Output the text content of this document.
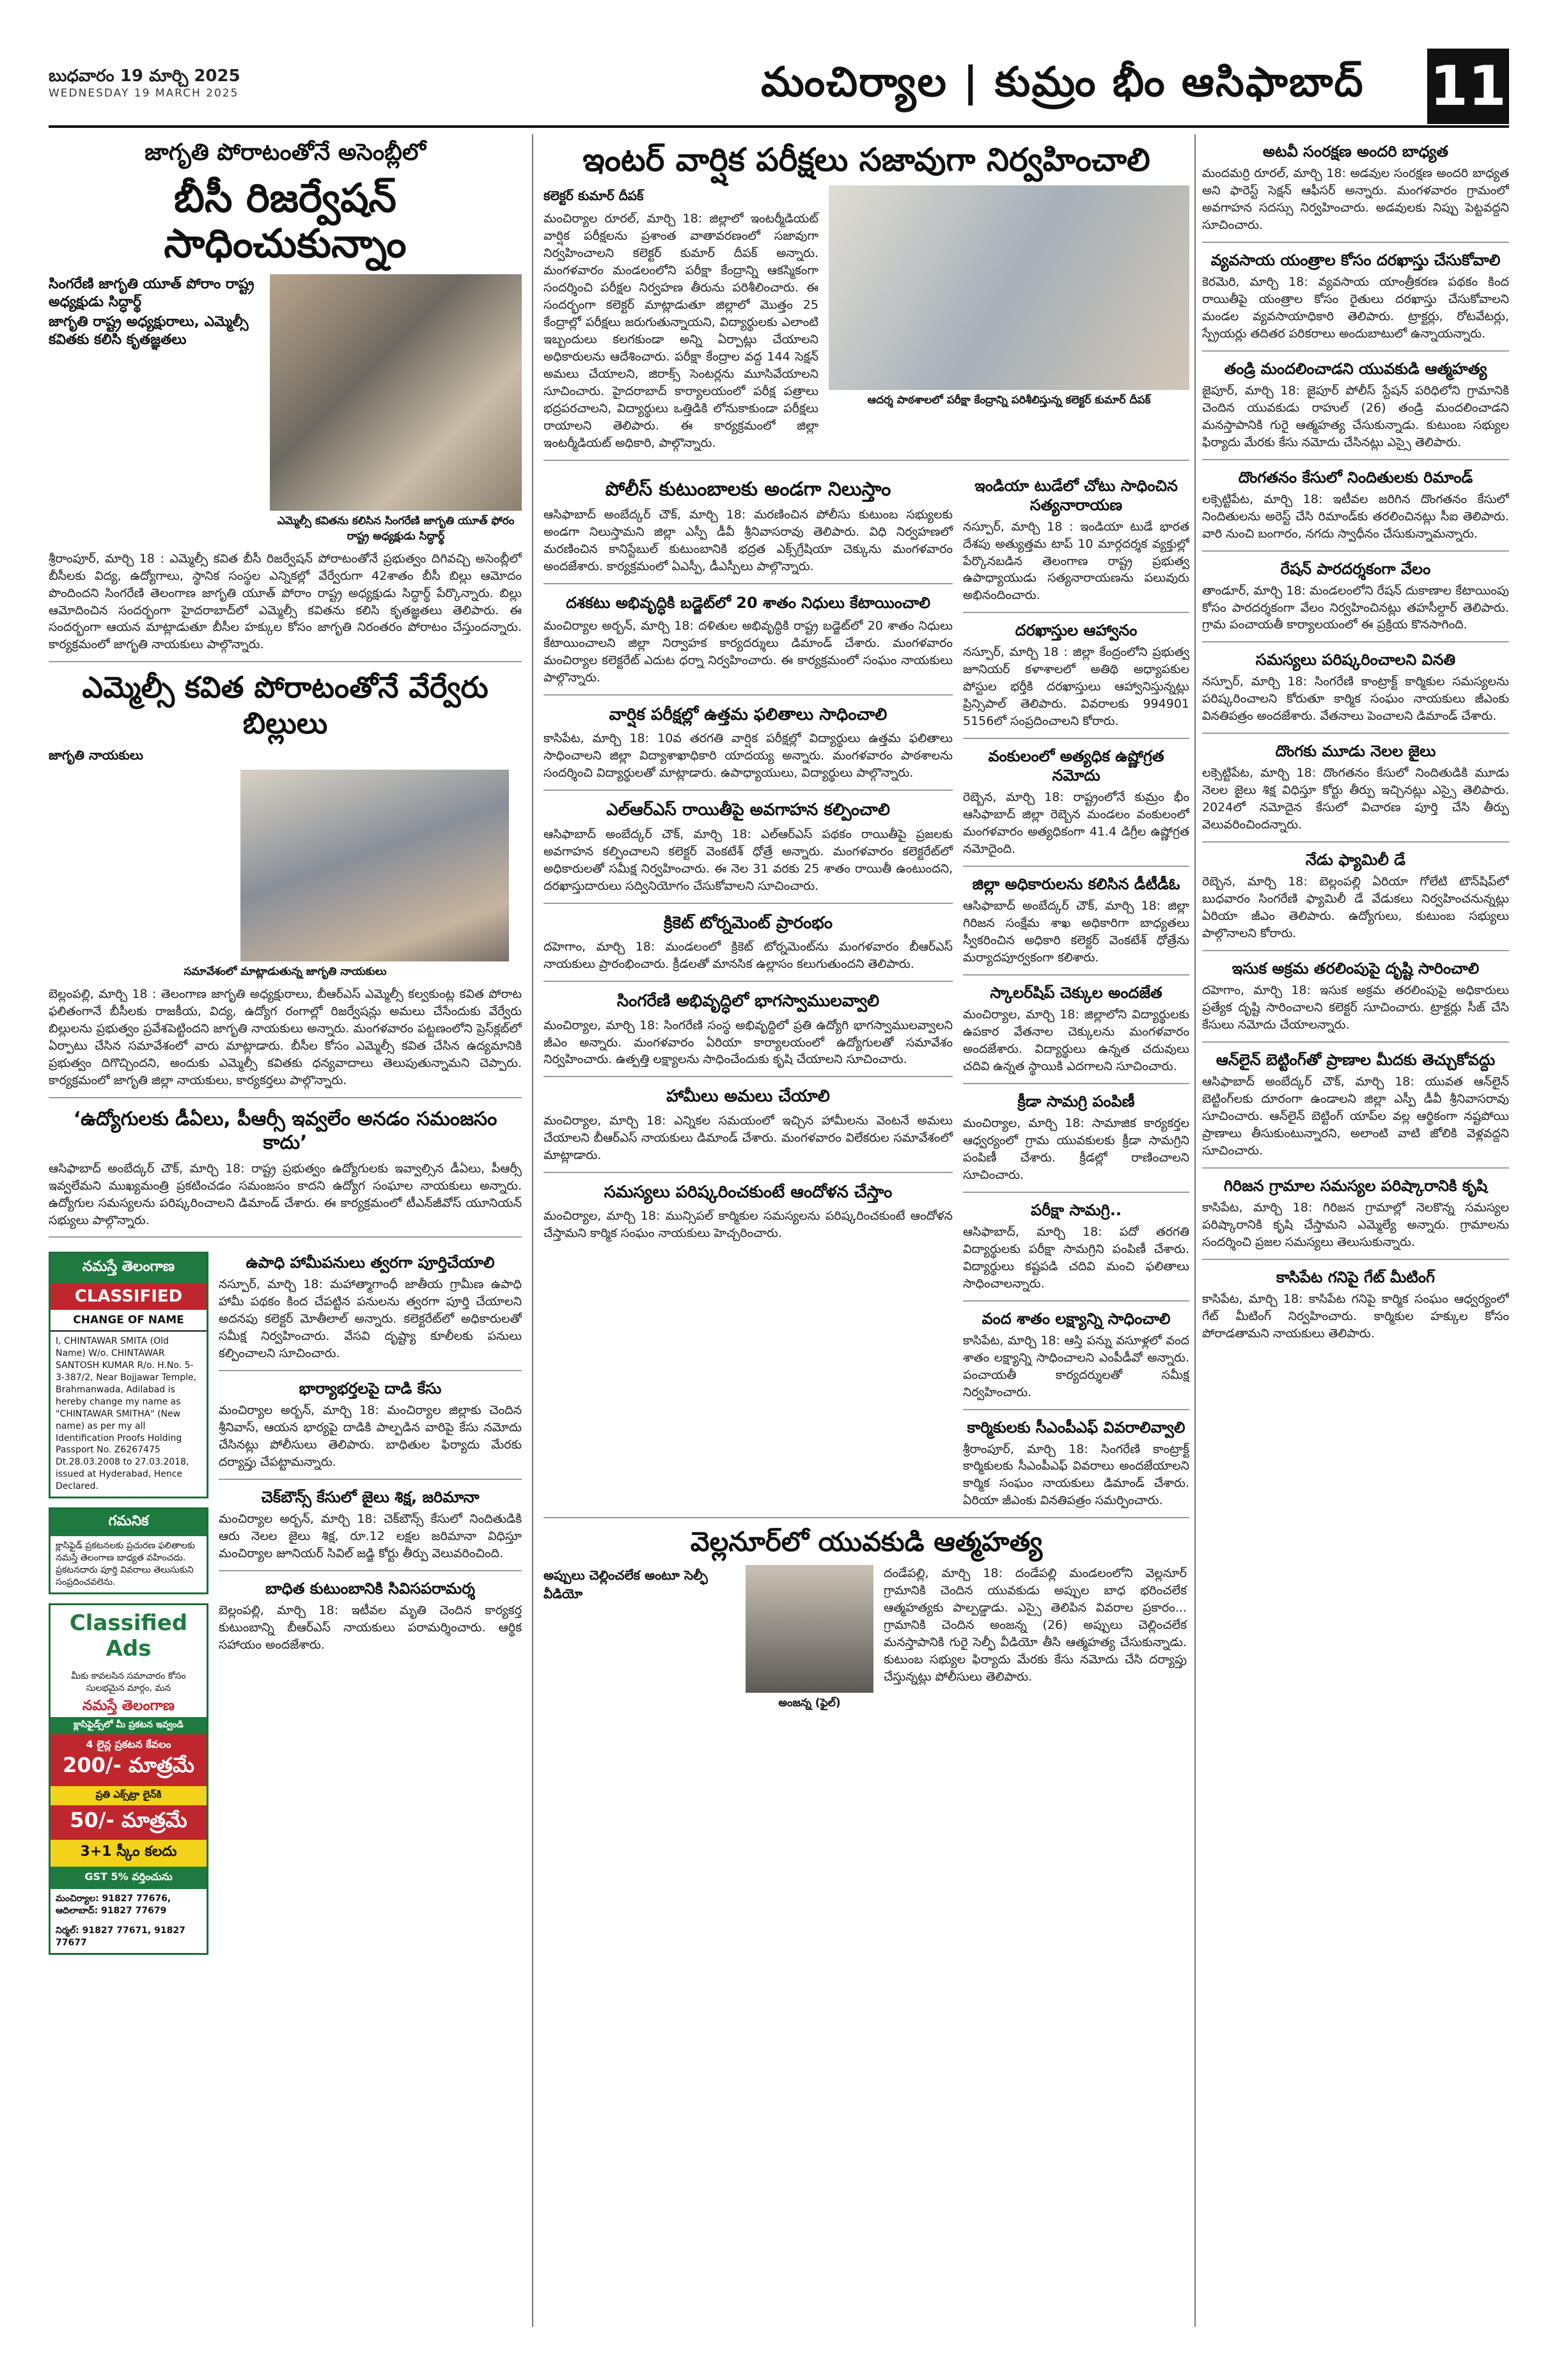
బుధవారం 19 మార్చి 2025
WEDNESDAY 19 MARCH 2025	మంచిర్యాల | కుమ్రం భీం ఆసిఫాబాద్ 11
జాగృతి పోరాటంతోనే అసెంబ్లీలో
బీసీ రిజర్వేషన్ సాధించుకున్నాం
సింగరేణి జాగృతి యూత్ పోరాం రాష్ట్ర అధ్యక్షుడు సిద్ధార్థ్
జాగృతి రాష్ట్ర అధ్యక్షురాలు, ఎమ్మెల్సీ కవితకు కలిసి కృతజ్ఞతలు
ఎమ్మెల్సీ కవితను కలిసిన సింగరేణి జాగృతి యూత్ ఫోరం రాష్ట్ర అధ్యక్షుడు సిద్ధార్థ్
శ్రీరాంపూర్, మార్చి 18 : ఎమ్మెల్సీ కవిత బీసీ రిజర్వేషన్ పోరాటంతోనే ప్రభుత్వం దిగివచ్చి అసెంబ్లీలో బీసీలకు విద్య, ఉద్యోగాలు, స్థానిక సంస్థల ఎన్నికల్లో వేర్వేరుగా 42శాతం బీసీ బిల్లు ఆమోదం పొందిందని సింగరేణి తెలంగాణ జాగృతి యూత్ పోరాం రాష్ట్ర అధ్యక్షుడు సిద్ధార్థ్ పేర్కొన్నారు. బిల్లు ఆమోదించిన సందర్భంగా హైదరాబాద్‌లో ఎమ్మెల్సీ కవితను కలిసి కృతజ్ఞతలు తెలిపారు. ఈ సందర్భంగా ఆయన మాట్లాడుతూ బీసీల హక్కుల కోసం జాగృతి నిరంతరం పోరాటం చేస్తుందన్నారు. కార్యక్రమంలో జాగృతి నాయకులు పాల్గొన్నారు.
ఎమ్మెల్సీ కవిత పోరాటంతోనే వేర్వేరు బిల్లులు
జాగృతి నాయకులు
సమావేశంలో మాట్లాడుతున్న జాగృతి నాయకులు
బెల్లంపల్లి, మార్చి 18 : తెలంగాణ జాగృతి అధ్యక్షురాలు, బీఆర్‌ఎస్ ఎమ్మెల్సీ కల్వకుంట్ల కవిత పోరాట ఫలితంగానే బీసీలకు రాజకీయ, విద్య, ఉద్యోగ రంగాల్లో రిజర్వేషన్లు అమలు చేసేందుకు వేర్వేరు బిల్లులను ప్రభుత్వం ప్రవేశపెట్టిందని జాగృతి నాయకులు అన్నారు. మంగళవారం పట్టణంలోని ప్రెస్‌క్లబ్‌లో ఏర్పాటు చేసిన సమావేశంలో వారు మాట్లాడారు. బీసీల కోసం ఎమ్మెల్సీ కవిత చేసిన ఉద్యమానికి ప్రభుత్వం దిగొచ్చిందని, అందుకు ఎమ్మెల్సీ కవితకు ధన్యవాదాలు తెలుపుతున్నామని చెప్పారు. కార్యక్రమంలో జాగృతి జిల్లా నాయకులు, కార్యకర్తలు పాల్గొన్నారు.
‘ఉద్యోగులకు డీఏలు, పీఆర్సీ ఇవ్వలేం అనడం సమంజసం కాదు’
ఆసిఫాబాద్ అంబేద్కర్ చౌక్, మార్చి 18: రాష్ట్ర ప్రభుత్వం ఉద్యోగులకు ఇవ్వాల్సిన డీఏలు, పీఆర్సీ ఇవ్వలేమని ముఖ్యమంత్రి ప్రకటించడం సమంజసం కాదని ఉద్యోగ సంఘాల నాయకులు అన్నారు. ఉద్యోగుల సమస్యలను పరిష్కరించాలని డిమాండ్ చేశారు. ఈ కార్యక్రమంలో టీఎన్‌జీవోస్ యూనియన్ సభ్యులు పాల్గొన్నారు.
నమస్తే తెలంగాణ
CLASSIFIED
CHANGE OF NAME
I, CHINTAWAR SMITA (Old Name) W/o. CHINTAWAR SANTOSH KUMAR R/o. H.No. 5-3-387/2, Near Bojjawar Temple, Brahmanwada, Adilabad is hereby change my name as "CHINTAWAR SMITHA" (New name) as per my all Identification Proofs Holding Passport No. Z6267475 Dt.28.03.2008 to 27.03.2018, issued at Hyderabad, Hence Declared.
గమనిక
క్లాసిఫైడ్ ప్రకటనలకు ప్రచురణ ఫలితాలకు నమస్తే తెలంగాణ బాధ్యత వహించదు. ప్రకటనదారు పూర్తి వివరాలు తెలుసుకుని సంప్రదించవలెను.
Classified Ads
మీకు కావలసిన సమాచారం కోసం సులభమైన మార్గం, మన
నమస్తే తెలంగాణ
క్లాసిఫైడ్స్‌లో మీ ప్రకటన ఇవ్వండి
4 లైన్ల ప్రకటన కేవలం
200/- మాత్రమే
ప్రతి ఎక్స్‌ట్రా లైన్‌కి
50/- మాత్రమే
3+1 స్కీం కలదు
GST 5% వర్తించును
మంచిర్యాల: 91827 77676, ఆదిలాబాద్: 91827 77679
నిర్మల్: 91827 77671, 91827 77677
ఉపాధి హామీపనులు త్వరగా పూర్తిచేయాలి
నస్పూర్, మార్చి 18: మహాత్మాగాంధీ జాతీయ గ్రామీణ ఉపాధి హామీ పథకం కింద చేపట్టిన పనులను త్వరగా పూర్తి చేయాలని అదనపు కలెక్టర్ మోతీలాల్ అన్నారు. కలెక్టరేట్‌లో అధికారులతో సమీక్ష నిర్వహించారు. వేసవి దృష్ట్యా కూలీలకు పనులు కల్పించాలని సూచించారు.
భార్యాభర్తలపై దాడి కేసు
మంచిర్యాల అర్బన్, మార్చి 18: మంచిర్యాల జిల్లాకు చెందిన శ్రీనివాస్, ఆయన భార్యపై దాడికి పాల్పడిన వారిపై కేసు నమోదు చేసినట్లు పోలీసులు తెలిపారు. బాధితుల ఫిర్యాదు మేరకు దర్యాప్తు చేపట్టామన్నారు.
చెక్‌బౌన్స్ కేసులో జైలు శిక్ష, జరిమానా
మంచిర్యాల అర్బన్, మార్చి 18: చెక్‌బౌన్స్ కేసులో నిందితుడికి ఆరు నెలల జైలు శిక్ష, రూ.12 లక్షల జరిమానా విధిస్తూ మంచిర్యాల జూనియర్ సివిల్ జడ్జి కోర్టు తీర్పు వెలువరించింది.
బాధిత కుటుంబానికి సివిసపరామర్శ
బెల్లంపల్లి, మార్చి 18: ఇటీవల మృతి చెందిన కార్యకర్త కుటుంబాన్ని బీఆర్‌ఎస్ నాయకులు పరామర్శించారు. ఆర్థిక సహాయం అందజేశారు.
ఇంటర్ వార్షిక పరీక్షలు సజావుగా నిర్వహించాలి
కలెక్టర్ కుమార్ దీపక్
మంచిర్యాల రూరల్, మార్చి 18: జిల్లాలో ఇంటర్మీడియట్ వార్షిక పరీక్షలను ప్రశాంత వాతావరణంలో సజావుగా నిర్వహించాలని కలెక్టర్ కుమార్ దీపక్ అన్నారు. మంగళవారం మండలంలోని పరీక్షా కేంద్రాన్ని ఆకస్మికంగా సందర్శించి పరీక్షల నిర్వహణ తీరును పరిశీలించారు. ఈ సందర్భంగా కలెక్టర్ మాట్లాడుతూ జిల్లాలో మొత్తం 25 కేంద్రాల్లో పరీక్షలు జరుగుతున్నాయని, విద్యార్థులకు ఎలాంటి ఇబ్బందులు కలగకుండా అన్ని ఏర్పాట్లు చేయాలని అధికారులను ఆదేశించారు. పరీక్షా కేంద్రాల వద్ద 144 సెక్షన్ అమలు చేయాలని, జిరాక్స్ సెంటర్లను మూసివేయాలని సూచించారు. హైదరాబాద్ కార్యాలయంలో పరీక్ష పత్రాలు భద్రపరచాలని, విద్యార్థులు ఒత్తిడికి లోనుకాకుండా పరీక్షలు రాయాలని తెలిపారు. ఈ కార్యక్రమంలో జిల్లా ఇంటర్మీడియట్ అధికారి, పాల్గొన్నారు.
ఆదర్శ పాఠశాలలో పరీక్షా కేంద్రాన్ని పరిశీలిస్తున్న కలెక్టర్ కుమార్ దీపక్
పోలీస్ కుటుంబాలకు అండగా నిలుస్తాం
ఆసిఫాబాద్ అంబేద్కర్ చౌక్, మార్చి 18: మరణించిన పోలీసు కుటుంబ సభ్యులకు అండగా నిలుస్తామని జిల్లా ఎస్పీ డీవీ శ్రీనివాసరావు తెలిపారు. విధి నిర్వహణలో మరణించిన కానిస్టేబుల్ కుటుంబానికి భద్రత ఎక్స్‌గ్రేషియా చెక్కును మంగళవారం అందజేశారు. కార్యక్రమంలో ఏఎస్పీ, డీఎస్పీలు పాల్గొన్నారు.
దశకటు అభివృద్ధికి బడ్జెట్‌లో 20 శాతం నిధులు కేటాయించాలి
మంచిర్యాల అర్బన్, మార్చి 18: దళితుల అభివృద్ధికి రాష్ట్ర బడ్జెట్‌లో 20 శాతం నిధులు కేటాయించాలని జిల్లా నిర్వాహక కార్యదర్శులు డిమాండ్ చేశారు. మంగళవారం మంచిర్యాల కలెక్టరేట్ ఎదుట ధర్నా నిర్వహించారు. ఈ కార్యక్రమంలో సంఘం నాయకులు పాల్గొన్నారు.
వార్షిక పరీక్షల్లో ఉత్తమ ఫలితాలు సాధించాలి
కాసిపేట, మార్చి 18: 10వ తరగతి వార్షిక పరీక్షల్లో విద్యార్థులు ఉత్తమ ఫలితాలు సాధించాలని జిల్లా విద్యాశాఖాధికారి యాదయ్య అన్నారు. మంగళవారం పాఠశాలను సందర్శించి విద్యార్థులతో మాట్లాడారు. ఉపాధ్యాయులు, విద్యార్థులు పాల్గొన్నారు.
ఎల్‌ఆర్‌ఎస్ రాయితీపై అవగాహన కల్పించాలి
ఆసిఫాబాద్ అంబేద్కర్ చౌక్, మార్చి 18: ఎల్‌ఆర్‌ఎస్ పథకం రాయితీపై ప్రజలకు అవగాహన కల్పించాలని కలెక్టర్ వెంకటేశ్ ధోత్రే అన్నారు. మంగళవారం కలెక్టరేట్‌లో అధికారులతో సమీక్ష నిర్వహించారు. ఈ నెల 31 వరకు 25 శాతం రాయితీ ఉంటుందని, దరఖాస్తుదారులు సద్వినియోగం చేసుకోవాలని సూచించారు.
క్రికెట్ టోర్నమెంట్ ప్రారంభం
దహెగాం, మార్చి 18: మండలంలో క్రికెట్ టోర్నమెంట్‌ను మంగళవారం బీఆర్‌ఎస్ నాయకులు ప్రారంభించారు. క్రీడలతో మానసిక ఉల్లాసం కలుగుతుందని తెలిపారు.
సింగరేణి అభివృద్ధిలో భాగస్వాములవ్వాలి
మంచిర్యాల, మార్చి 18: సింగరేణి సంస్థ అభివృద్ధిలో ప్రతి ఉద్యోగి భాగస్వాములవ్వాలని జీఎం అన్నారు. మంగళవారం ఏరియా కార్యాలయంలో ఉద్యోగులతో సమావేశం నిర్వహించారు. ఉత్పత్తి లక్ష్యాలను సాధించేందుకు కృషి చేయాలని సూచించారు.
హామీలు అమలు చేయాలి
మంచిర్యాల, మార్చి 18: ఎన్నికల సమయంలో ఇచ్చిన హామీలను వెంటనే అమలు చేయాలని బీఆర్‌ఎస్ నాయకులు డిమాండ్ చేశారు. మంగళవారం విలేకరుల సమావేశంలో మాట్లాడారు.
సమస్యలు పరిష్కరించకుంటే ఆందోళన చేస్తాం
మంచిర్యాల, మార్చి 18: మున్సిపల్ కార్మికుల సమస్యలను పరిష్కరించకుంటే ఆందోళన చేస్తామని కార్మిక సంఘం నాయకులు హెచ్చరించారు.
ఇండియా టుడేలో చోటు సాధించిన సత్యనారాయణ
నస్పూర్, మార్చి 18 : ఇండియా టుడే భారత దేశపు అత్యుత్తమ టాప్ 10 మార్గదర్శక వ్యక్తుల్లో పేర్కొనబడిన తెలంగాణ రాష్ట్ర ప్రభుత్వ ఉపాధ్యాయుడు సత్యనారాయణను పలువురు అభినందించారు.
దరఖాస్తుల ఆహ్వానం
నస్పూర్, మార్చి 18 : జిల్లా కేంద్రంలోని ప్రభుత్వ జూనియర్ కళాశాలలో అతిథి అధ్యాపకుల పోస్టుల భర్తీకి దరఖాస్తులు ఆహ్వానిస్తున్నట్లు ప్రిన్సిపాల్ తెలిపారు. వివరాలకు 994901 5156లో సంప్రదించాలని కోరారు.
వంకులంలో అత్యధిక ఉష్ణోగ్రత నమోదు
రెబ్బెన, మార్చి 18: రాష్ట్రంలోనే కుమ్రం భీం ఆసిఫాబాద్ జిల్లా రెబ్బెన మండలం వంకులంలో మంగళవారం అత్యధికంగా 41.4 డిగ్రీల ఉష్ణోగ్రత నమోదైంది.
జిల్లా అధికారులను కలిసిన డీటీడీఓ
ఆసిఫాబాద్ అంబేద్కర్ చౌక్, మార్చి 18: జిల్లా గిరిజన సంక్షేమ శాఖ అధికారిగా బాధ్యతలు స్వీకరించిన అధికారి కలెక్టర్ వెంకటేశ్ ధోత్రేను మర్యాదపూర్వకంగా కలిశారు.
స్కాలర్‌షిప్ చెక్కుల అందజేత
మంచిర్యాల, మార్చి 18: జిల్లాలోని విద్యార్థులకు ఉపకార వేతనాల చెక్కులను మంగళవారం అందజేశారు. విద్యార్థులు ఉన్నత చదువులు చదివి ఉన్నత స్థాయికి ఎదగాలని సూచించారు.
క్రీడా సామగ్రి పంపిణీ
మంచిర్యాల, మార్చి 18: సామాజిక కార్యకర్తల ఆధ్వర్యంలో గ్రామ యువకులకు క్రీడా సామగ్రిని పంపిణీ చేశారు. క్రీడల్లో రాణించాలని సూచించారు.
పరీక్షా సామగ్రి..
ఆసిఫాబాద్, మార్చి 18: పదో తరగతి విద్యార్థులకు పరీక్షా సామగ్రిని పంపిణీ చేశారు. విద్యార్థులు కష్టపడి చదివి మంచి ఫలితాలు సాధించాలన్నారు.
వంద శాతం లక్ష్యాన్ని సాధించాలి
కాసిపేట, మార్చి 18: ఆస్తి పన్ను వసూళ్లలో వంద శాతం లక్ష్యాన్ని సాధించాలని ఎంపీడీవో అన్నారు. పంచాయతీ కార్యదర్శులతో సమీక్ష నిర్వహించారు.
కార్మికులకు సీఎంపీఎఫ్ వివరాలివ్వాలి
శ్రీరాంపూర్, మార్చి 18: సింగరేణి కాంట్రాక్ట్ కార్మికులకు సీఎంపీఎఫ్ వివరాలు అందజేయాలని కార్మిక సంఘం నాయకులు డిమాండ్ చేశారు. ఏరియా జీఎంకు వినతిపత్రం సమర్పించారు.
వెల్లనూర్‌లో యువకుడి ఆత్మహత్య
అప్పులు చెల్లించలేక అంటూ సెల్ఫీ వీడియో
అంజన్న (ఫైల్)
దండేపల్లి, మార్చి 18: దండేపల్లి మండలంలోని వెల్లనూర్ గ్రామానికి చెందిన యువకుడు అప్పుల బాధ భరించలేక ఆత్మహత్యకు పాల్పడ్డాడు. ఎస్సై తెలిపిన వివరాల ప్రకారం... గ్రామానికి చెందిన అంజన్న (26) అప్పులు చెల్లించలేక మనస్తాపానికి గురై సెల్ఫీ వీడియో తీసి ఆత్మహత్య చేసుకున్నాడు. కుటుంబ సభ్యుల ఫిర్యాదు మేరకు కేసు నమోదు చేసి దర్యాప్తు చేస్తున్నట్లు పోలీసులు తెలిపారు.
అటవీ సంరక్షణ అందరి బాధ్యత
మందమర్రి రూరల్, మార్చి 18: అడవుల సంరక్షణ అందరి బాధ్యత అని ఫారెస్ట్ సెక్షన్ ఆఫీసర్ అన్నారు. మంగళవారం గ్రామంలో అవగాహన సదస్సు నిర్వహించారు. అడవులకు నిప్పు పెట్టవద్దని సూచించారు.
వ్యవసాయ యంత్రాల కోసం దరఖాస్తు చేసుకోవాలి
కెరమెరి, మార్చి 18: వ్యవసాయ యాంత్రీకరణ పథకం కింద రాయితీపై యంత్రాల కోసం రైతులు దరఖాస్తు చేసుకోవాలని మండల వ్యవసాయాధికారి తెలిపారు. ట్రాక్టర్లు, రోటవేటర్లు, స్ప్రేయర్లు తదితర పరికరాలు అందుబాటులో ఉన్నాయన్నారు.
తండ్రి మందలించాడని యువకుడి ఆత్మహత్య
జైపూర్, మార్చి 18: జైపూర్ పోలీస్ స్టేషన్ పరిధిలోని గ్రామానికి చెందిన యువకుడు రాహుల్ (26) తండ్రి మందలించాడని మనస్తాపానికి గురై ఆత్మహత్య చేసుకున్నాడు. కుటుంబ సభ్యుల ఫిర్యాదు మేరకు కేసు నమోదు చేసినట్లు ఎస్సై తెలిపారు.
దొంగతనం కేసులో నిందితులకు రిమాండ్
లక్సెట్టిపేట, మార్చి 18: ఇటీవల జరిగిన దొంగతనం కేసులో నిందితులను అరెస్ట్ చేసి రిమాండ్‌కు తరలించినట్లు సీఐ తెలిపారు. వారి నుంచి బంగారం, నగదు స్వాధీనం చేసుకున్నామన్నారు.
రేషన్ పారదర్శకంగా వేలం
తాండూర్, మార్చి 18: మండలంలోని రేషన్ దుకాణాల కేటాయింపు కోసం పారదర్శకంగా వేలం నిర్వహించినట్లు తహసీల్దార్ తెలిపారు. గ్రామ పంచాయతీ కార్యాలయంలో ఈ ప్రక్రియ కొనసాగింది.
సమస్యలు పరిష్కరించాలని వినతి
నస్పూర్, మార్చి 18: సింగరేణి కాంట్రాక్ట్ కార్మికుల సమస్యలను పరిష్కరించాలని కోరుతూ కార్మిక సంఘం నాయకులు జీఎంకు వినతిపత్రం అందజేశారు. వేతనాలు పెంచాలని డిమాండ్ చేశారు.
దొంగకు మూడు నెలల జైలు
లక్సెట్టిపేట, మార్చి 18: దొంగతనం కేసులో నిందితుడికి మూడు నెలల జైలు శిక్ష విధిస్తూ కోర్టు తీర్పు ఇచ్చినట్లు ఎస్సై తెలిపారు. 2024లో నమోదైన కేసులో విచారణ పూర్తి చేసి తీర్పు వెలువరించిందన్నారు.
నేడు ఫ్యామిలీ డే
రెబ్బెన, మార్చి 18: బెల్లంపల్లి ఏరియా గోలేటి టౌన్‌షిప్‌లో బుధవారం సింగరేణి ఫ్యామిలీ డే వేడుకలు నిర్వహించనున్నట్లు ఏరియా జీఎం తెలిపారు. ఉద్యోగులు, కుటుంబ సభ్యులు పాల్గొనాలని కోరారు.
ఇసుక అక్రమ తరలింపుపై దృష్టి సారించాలి
దహెగాం, మార్చి 18: ఇసుక అక్రమ తరలింపుపై అధికారులు ప్రత్యేక దృష్టి సారించాలని కలెక్టర్ సూచించారు. ట్రాక్టర్లు సీజ్ చేసి కేసులు నమోదు చేయాలన్నారు.
ఆన్‌లైన్ బెట్టింగ్‌తో ప్రాణాల మీదకు తెచ్చుకోవద్దు
ఆసిఫాబాద్ అంబేద్కర్ చౌక్, మార్చి 18: యువత ఆన్‌లైన్ బెట్టింగ్‌లకు దూరంగా ఉండాలని జిల్లా ఎస్పీ డీవీ శ్రీనివాసరావు సూచించారు. ఆన్‌లైన్ బెట్టింగ్ యాప్‌ల వల్ల ఆర్థికంగా నష్టపోయి ప్రాణాలు తీసుకుంటున్నారని, అలాంటి వాటి జోలికి వెళ్లవద్దని సూచించారు.
గిరిజన గ్రామాల సమస్యల పరిష్కారానికి కృషి
కాసిపేట, మార్చి 18: గిరిజన గ్రామాల్లో నెలకొన్న సమస్యల పరిష్కారానికి కృషి చేస్తామని ఎమ్మెల్యే అన్నారు. గ్రామాలను సందర్శించి ప్రజల సమస్యలు తెలుసుకున్నారు.
కాసిపేట గనిపై గేట్ మీటింగ్
కాసిపేట, మార్చి 18: కాసిపేట గనిపై కార్మిక సంఘం ఆధ్వర్యంలో గేట్ మీటింగ్ నిర్వహించారు. కార్మికుల హక్కుల కోసం పోరాడతామని నాయకులు తెలిపారు.
